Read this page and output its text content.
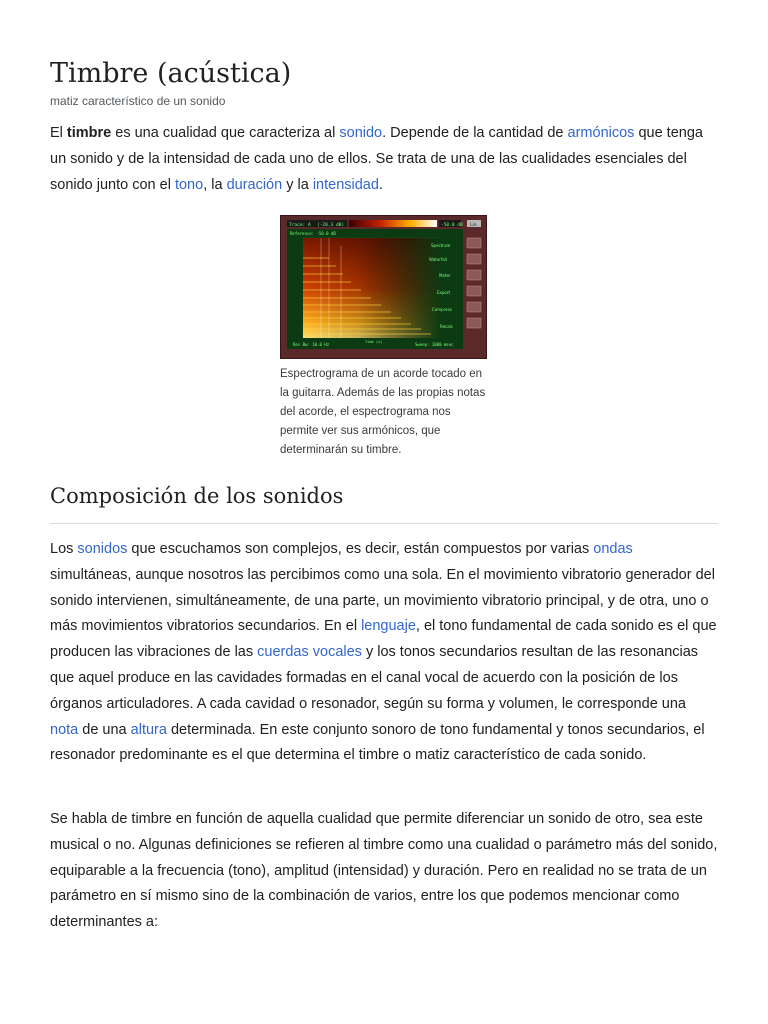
Timbre (acústica)
matiz característico de un sonido

El timbre es una cualidad que caracteriza al sonido. Depende de la cantidad de armónicos que tenga un sonido y de la intensidad de cada uno de ellos. Se trata de una de las cualidades esenciales del sonido junto con el tono, la duración y la intensidad.

Trace: A (-20.3 dB)	-50.0 dB Lin
Reference: -50.0 dB
Spectrum
Waterfall
Meter
Export
Compress
Recalc
Res Bw: 10.0 Hz	Time (s)	Sweep: 1000 msec
Espectrograma de un acorde tocado en la guitarra. Además de las propias notas del acorde, el espectrograma nos permite ver sus armónicos, que determinarán su timbre.
Composición de los sonidos

Los sonidos que escuchamos son complejos, es decir, están compuestos por varias ondas simultáneas, aunque nosotros las percibimos como una sola. En el movimiento vibratorio generador del sonido intervienen, simultáneamente, de una parte, un movimiento vibratorio principal, y de otra, uno o más movimientos vibratorios secundarios. En el lenguaje, el tono fundamental de cada sonido es el que producen las vibraciones de las cuerdas vocales y los tonos secundarios resultan de las resonancias que aquel produce en las cavidades formadas en el canal vocal de acuerdo con la posición de los órganos articuladores. A cada cavidad o resonador, según su forma y volumen, le corresponde una nota de una altura determinada. En este conjunto sonoro de tono fundamental y tonos secundarios, el resonador predominante es el que determina el timbre o matiz característico de cada sonido.

Se habla de timbre en función de aquella cualidad que permite diferenciar un sonido de otro, sea este musical o no. Algunas definiciones se refieren al timbre como una cualidad o parámetro más del sonido, equiparable a la frecuencia (tono), amplitud (intensidad) y duración. Pero en realidad no se trata de un parámetro en sí mismo sino de la combinación de varios, entre los que podemos mencionar como determinantes a:
